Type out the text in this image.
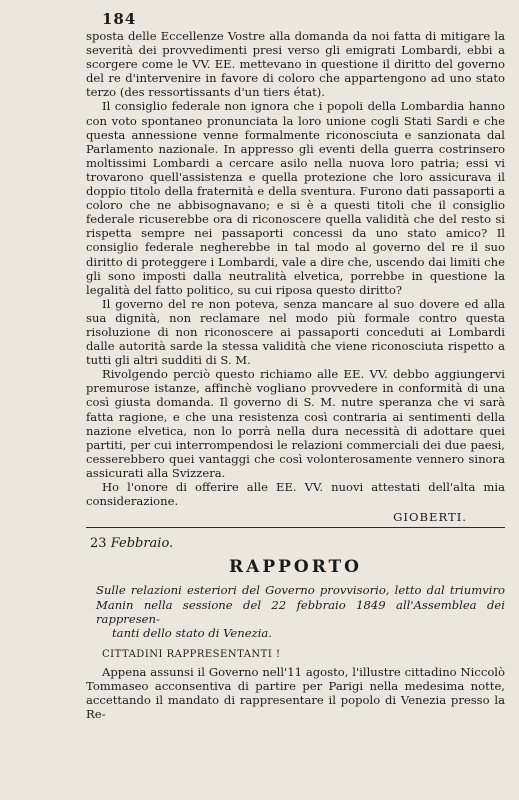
184

sposta delle Eccellenze Vostre alla domanda da noi fatta di mitigare la severità dei provvedimenti presi verso gli emigrati Lombardi, ebbi a scorgere come le VV. EE. mettevano in questione il diritto del governo del re d'intervenire in favore di coloro che appartengono ad uno stato terzo (des ressortissants d'un tiers état).

Il consiglio federale non ignora che i popoli della Lombardia hanno con voto spontaneo pronunciata la loro unione cogli Stati Sardi e che questa annessione venne formalmente riconosciuta e sanzionata dal Parlamento nazionale. In appresso gli eventi della guerra costrinsero moltissimi Lombardi a cercare asilo nella nuova loro patria; essi vi trovarono quell'assistenza e quella protezione che loro assicurava il doppio titolo della fraternità e della sventura. Furono dati passaporti a coloro che ne abbisognavano; e si è a questi titoli che il consiglio federale ricuserebbe ora di riconoscere quella validità che del resto si rispetta sempre nei passaporti concessi da uno stato amico? Il consiglio federale negherebbe in tal modo al governo del re il suo diritto di proteggere i Lombardi, vale a dire che, uscendo dai limiti che gli sono imposti dalla neutralità elvetica, porrebbe in questione la legalità del fatto politico, su cui riposa questo diritto?

Il governo del re non poteva, senza mancare al suo dovere ed alla sua dignità, non reclamare nel modo più formale contro questa risoluzione di non riconoscere ai passaporti conceduti ai Lombardi dalle autorità sarde la stessa validità che viene riconosciuta rispetto a tutti gli altri sudditi di S. M.

Rivolgendo perciò questo richiamo alle EE. VV. debbo aggiungervi premurose istanze, affinchè vogliano provvedere in conformità di una così giusta domanda. Il governo di S. M. nutre speranza che vi sarà fatta ragione, e che una resistenza così contraria ai sentimenti della nazione elvetica, non lo porrà nella dura necessità di adottare quei partiti, per cui interrompendosi le relazioni commerciali dei due paesi, cesserebbero quei vantaggi che così volonterosamente vennero sinora assicurati alla Svizzera.

Ho l'onore di offerire alle EE. VV. nuovi attestati dell'alta mia considerazione.

GIOBERTI.
23 Febbraio.
RAPPORTO
Sulle relazioni esteriori del Governo provvisorio, letto dal triumviro Manin nella sessione del 22 febbraio 1849 all'Assemblea dei rappresen-
tanti dello stato di Venezia.
CITTADINI RAPPRESENTANTI !

Appena assunsi il Governo nell'11 agosto, l'illustre cittadino Niccolò Tommaseo acconsentiva di partire per Parigi nella medesima notte, accettando il mandato di rappresentare il popolo di Venezia presso la Re-
